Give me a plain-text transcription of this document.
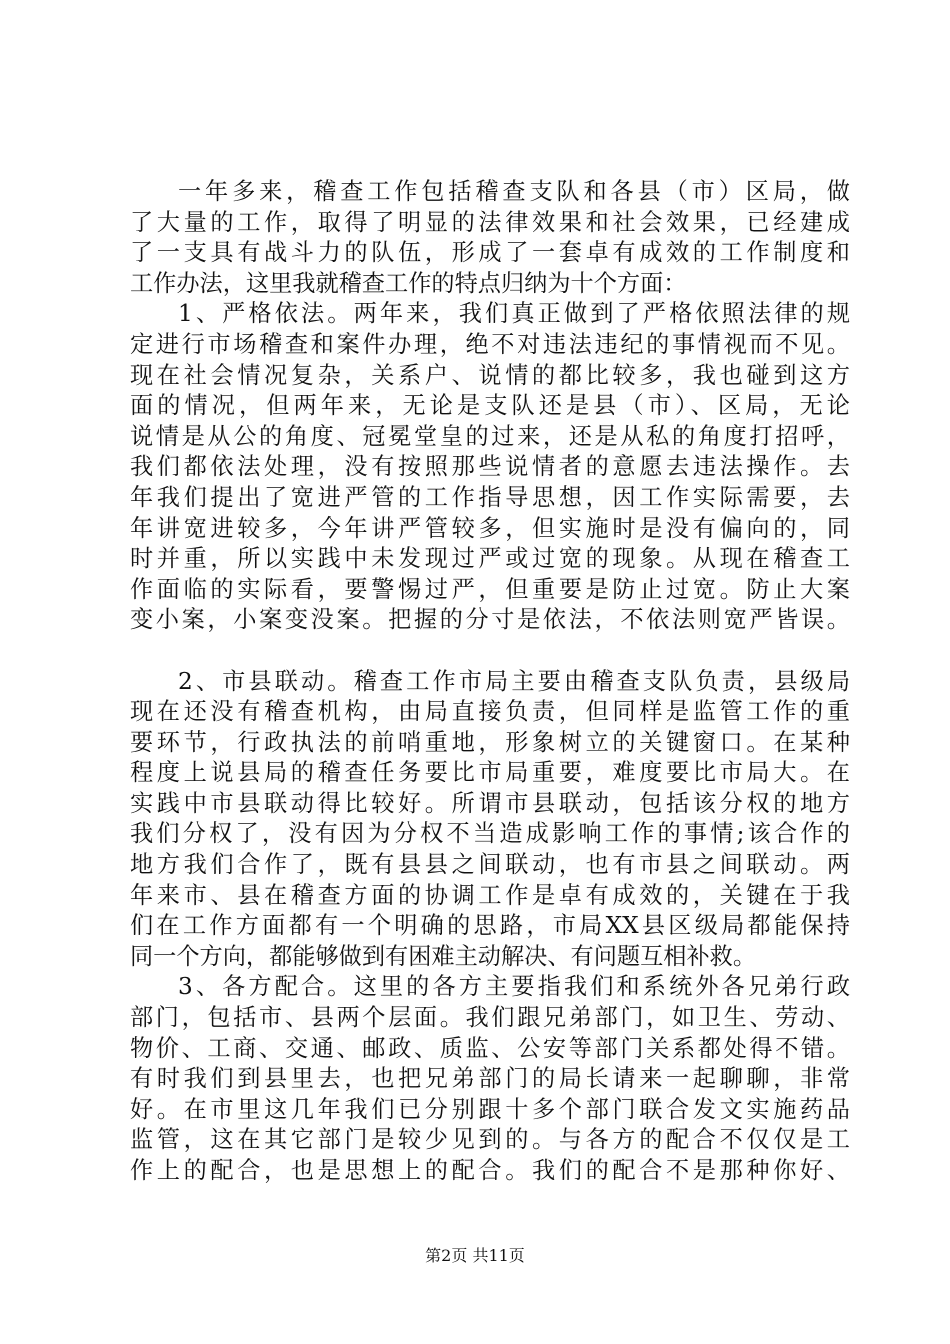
一年多来，稽查工作包括稽查支队和各县（市）区局，做
了大量的工作，取得了明显的法律效果和社会效果，已经建成
了一支具有战斗力的队伍，形成了一套卓有成效的工作制度和
工作办法，这里我就稽查工作的特点归纳为十个方面：
1、严格依法。两年来，我们真正做到了严格依照法律的规
定进行市场稽查和案件办理，绝不对违法违纪的事情视而不见。
现在社会情况复杂，关系户、说情的都比较多，我也碰到这方
面的情况，但两年来，无论是支队还是县（市）、区局，无论
说情是从公的角度、冠冕堂皇的过来，还是从私的角度打招呼，
我们都依法处理，没有按照那些说情者的意愿去违法操作。去
年我们提出了宽进严管的工作指导思想，因工作实际需要，去
年讲宽进较多，今年讲严管较多，但实施时是没有偏向的，同
时并重，所以实践中未发现过严或过宽的现象。从现在稽查工
作面临的实际看，要警惕过严，但重要是防止过宽。防止大案
变小案，小案变没案。把握的分寸是依法，不依法则宽严皆误。
2、市县联动。稽查工作市局主要由稽查支队负责，县级局
现在还没有稽查机构，由局直接负责，但同样是监管工作的重
要环节，行政执法的前哨重地，形象树立的关键窗口。在某种
程度上说县局的稽查任务要比市局重要，难度要比市局大。在
实践中市县联动得比较好。所谓市县联动，包括该分权的地方
我们分权了，没有因为分权不当造成影响工作的事情;该合作的
地方我们合作了，既有县县之间联动，也有市县之间联动。两
年来市、县在稽查方面的协调工作是卓有成效的，关键在于我
们在工作方面都有一个明确的思路，市局XX县区级局都能保持
同一个方向，都能够做到有困难主动解决、有问题互相补救。
3、各方配合。这里的各方主要指我们和系统外各兄弟行政
部门，包括市、县两个层面。我们跟兄弟部门，如卫生、劳动、
物价、工商、交通、邮政、质监、公安等部门关系都处得不错。
有时我们到县里去，也把兄弟部门的局长请来一起聊聊，非常
好。在市里这几年我们已分别跟十多个部门联合发文实施药品
监管，这在其它部门是较少见到的。与各方的配合不仅仅是工
作上的配合，也是思想上的配合。我们的配合不是那种你好、
第2页 共11页
